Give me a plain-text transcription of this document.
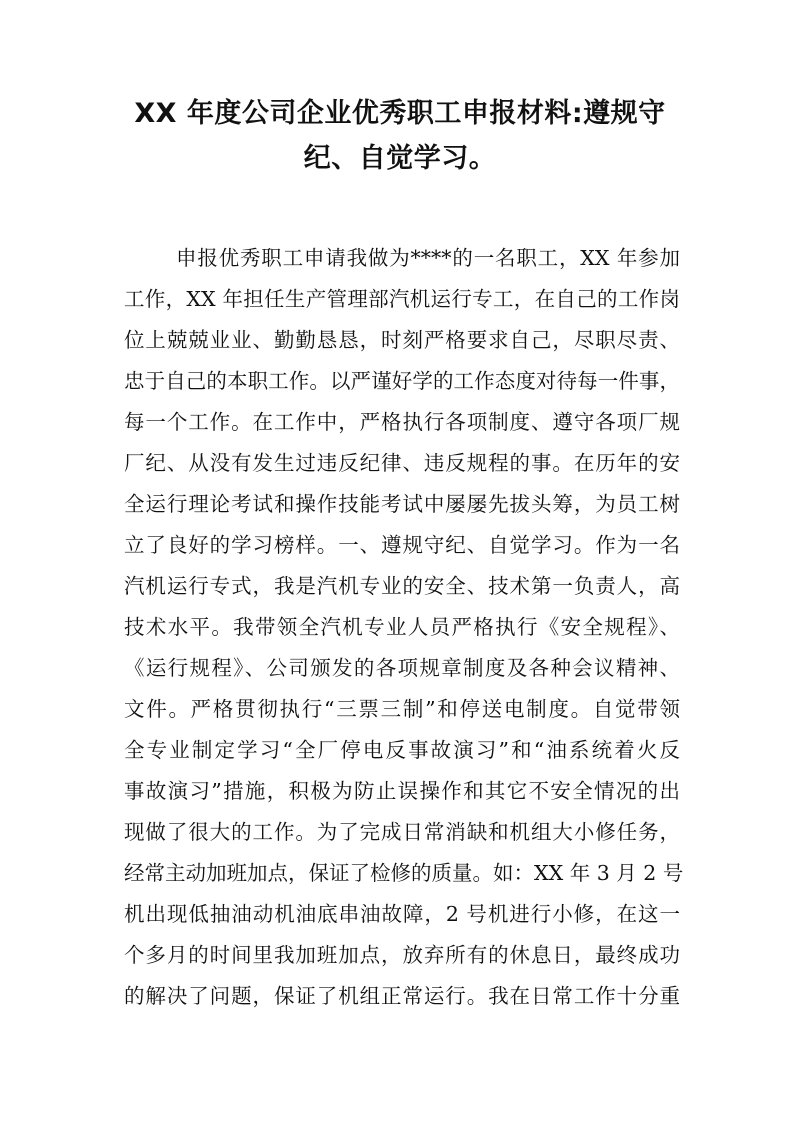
XX 年度公司企业优秀职工申报材料:遵规守
纪、自觉学习。
申报优秀职工申请我做为****的一名职工，XX 年参加
工作，XX 年担任生产管理部汽机运行专工，在自己的工作岗
位上兢兢业业、勤勤恳恳，时刻严格要求自己，尽职尽责、
忠于自己的本职工作。以严谨好学的工作态度对待每一件事，
每一个工作。在工作中，严格执行各项制度、遵守各项厂规
厂纪、从没有发生过违反纪律、违反规程的事。在历年的安
全运行理论考试和操作技能考试中屡屡先拔头筹，为员工树
立了良好的学习榜样。一、遵规守纪、自觉学习。作为一名
汽机运行专式，我是汽机专业的安全、技术第一负责人，高
技术水平。我带领全汽机专业人员严格执行《安全规程》、
《运行规程》、公司颁发的各项规章制度及各种会议精神、
文件。严格贯彻执行“三票三制”和停送电制度。自觉带领
全专业制定学习“全厂停电反事故演习”和“油系统着火反
事故演习”措施，积极为防止误操作和其它不安全情况的出
现做了很大的工作。为了完成日常消缺和机组大小修任务，
经常主动加班加点，保证了检修的质量。如：XX 年 3 月 2 号
机出现低抽油动机油底串油故障，2 号机进行小修，在这一
个多月的时间里我加班加点，放弃所有的休息日，最终成功
的解决了问题，保证了机组正常运行。我在日常工作十分重
